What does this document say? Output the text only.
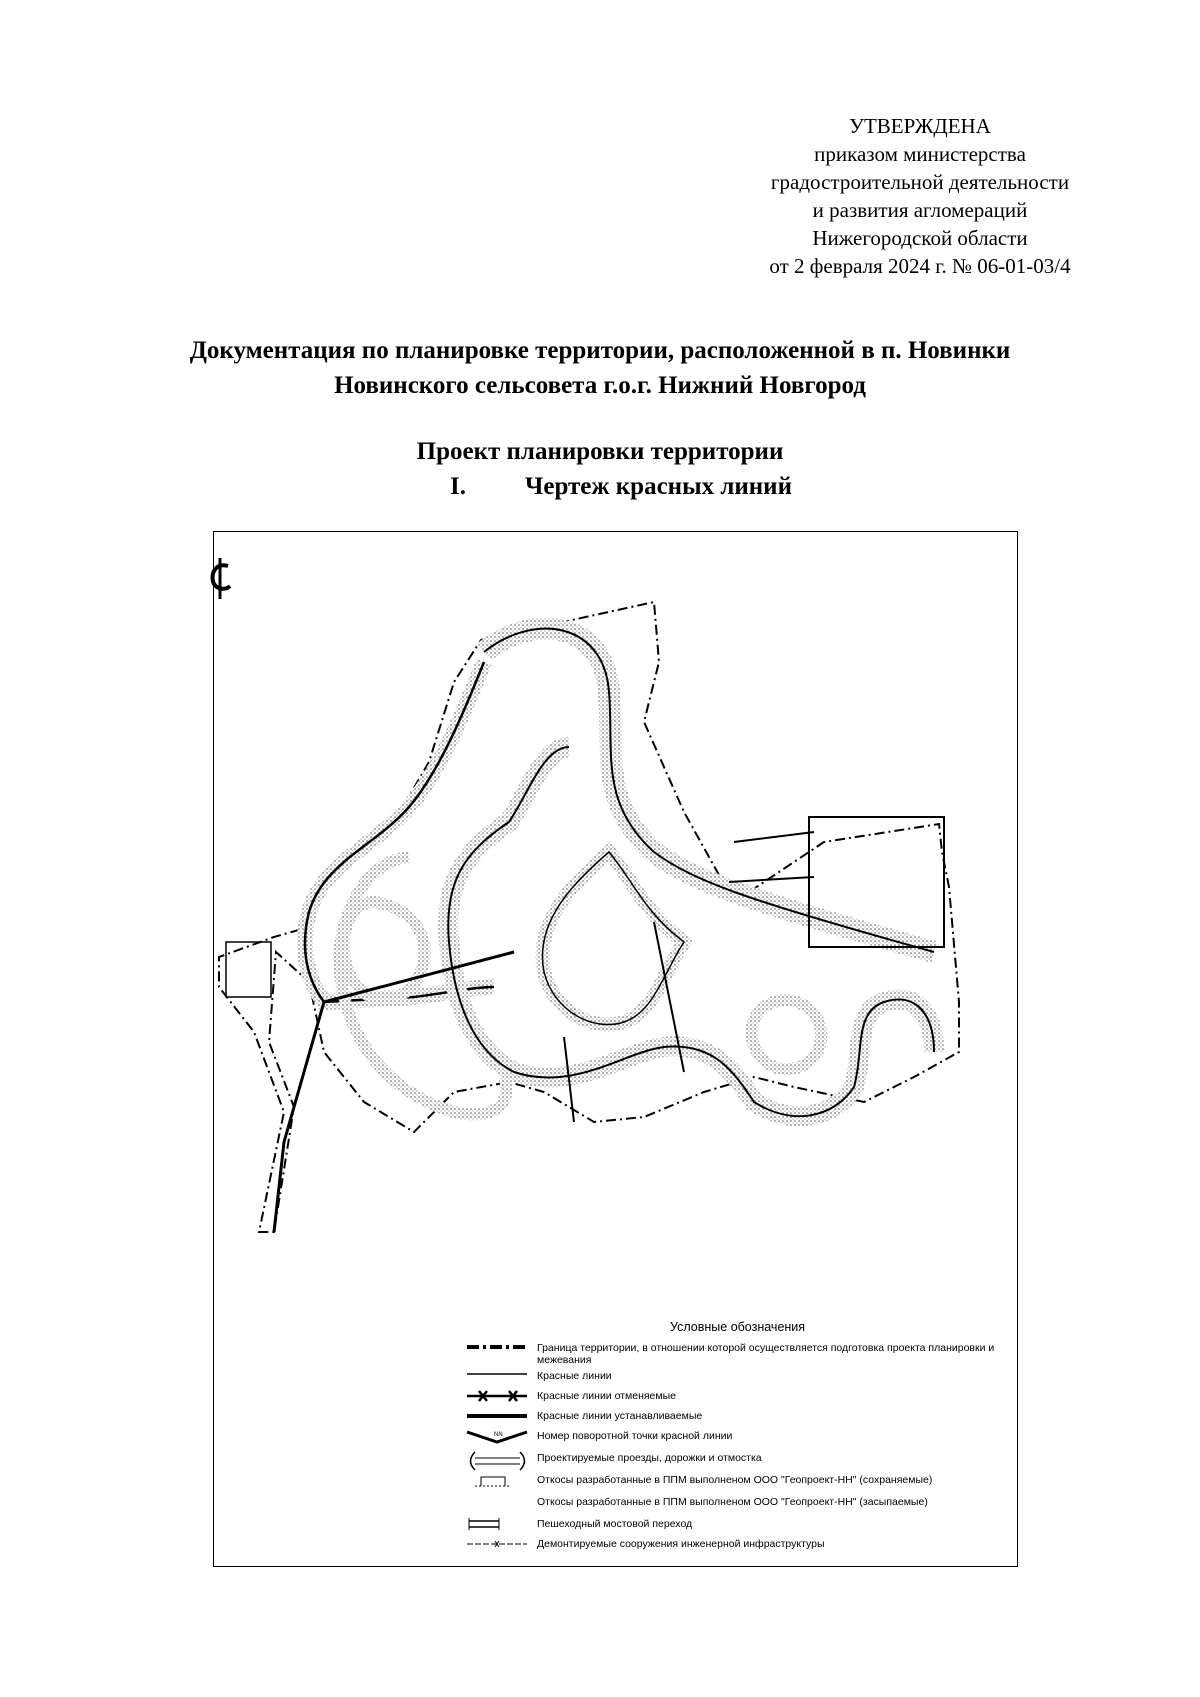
УТВЕРЖДЕНА
приказом министерства
градостроительной деятельности
и развития агломераций
Нижегородской области
от 2 февраля 2024 г. № 06-01-03/4
Документация по планировке территории, расположенной в п. Новинки
Новинского сельсовета г.о.г. Нижний Новгород
Проект планировки территории
I. Чертеж красных линий
Условные обозначения
Граница территории, в отношении которой осуществляется подготовка проекта планировки и межевания
Красные линии
Красные линии отменяемые
Красные линии устанавливаемые
NN	Номер поворотной точки красной линии
Проектируемые проезды, дорожки и отмостка
Откосы разработанные в ППМ выполненом ООО "Геопроект-НН" (сохраняемые)
Откосы разработанные в ППМ выполненом ООО "Геопроект-НН" (засыпаемые)
Пешеходный мостовой переход
Демонтируемые сооружения инженерной инфраструктуры
